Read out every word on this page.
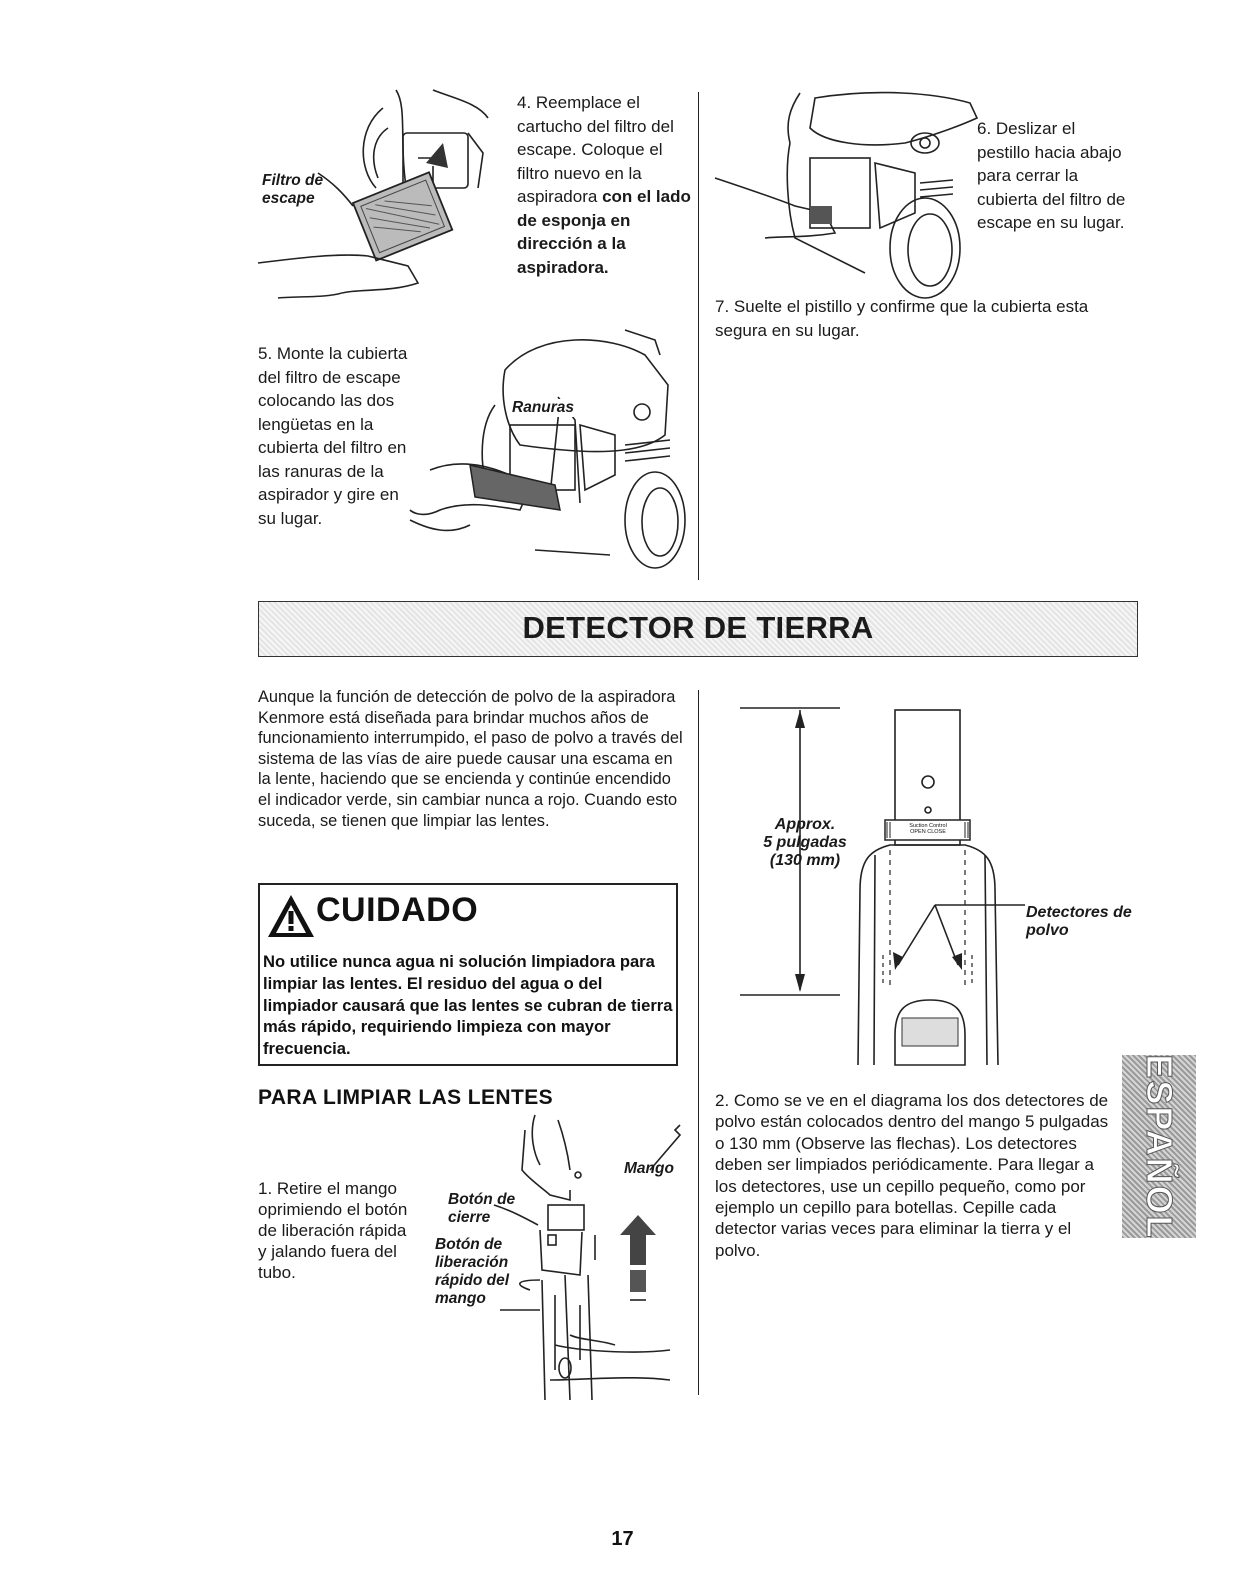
4. Reemplace el cartucho del filtro del escape. Coloque el filtro nuevo en la aspiradora con el lado de esponja en dirección a la aspiradora.
Filtro de escape
5. Monte la cubierta del filtro de escape colocando las dos lengüetas en la cubierta del filtro en las ranuras de la aspirador y gire en su lugar.
Ranuras
6. Deslizar el pestillo hacia abajo para cerrar la cubierta del filtro de escape en su lugar.
7. Suelte el pistillo y confirme que la cubierta esta segura en su lugar.
DETECTOR DE TIERRA
Aunque la función de detección de polvo de la aspiradora Kenmore está diseñada para brindar muchos años de funcionamiento interrumpido, el paso de polvo a través del sistema de las vías de aire puede causar una escama en la lente, haciendo que se encienda y continúe encendido el indicador verde, sin cambiar nunca a rojo. Cuando esto suceda, se tienen que limpiar las lentes.
CUIDADO
No utilice nunca agua ni solución limpiadora para limpiar las lentes. El residuo del agua o del limpiador causará que las lentes se cubran de tierra más rápido, requiriendo limpieza con mayor frecuencia.
PARA LIMPIAR LAS LENTES
1. Retire el mango oprimiendo el botón de liberación rápida y jalando fuera del tubo.
Mango
Botón de cierre
Botón de liberación rápido del mango
Suction Control
OPEN CLOSE
Approx.
5 pulgadas
(130 mm)
Detectores de polvo
2. Como se ve en el diagrama los dos detectores de polvo están colocados dentro del mango 5 pulgadas o 130 mm (Observe las flechas). Los detectores deben ser limpiados periódicamente. Para llegar a los detectores, use un cepillo pequeño, como por ejemplo un cepillo para botellas. Cepille cada detector varias veces para eliminar la tierra y el polvo.
ESPAÑOL
17
